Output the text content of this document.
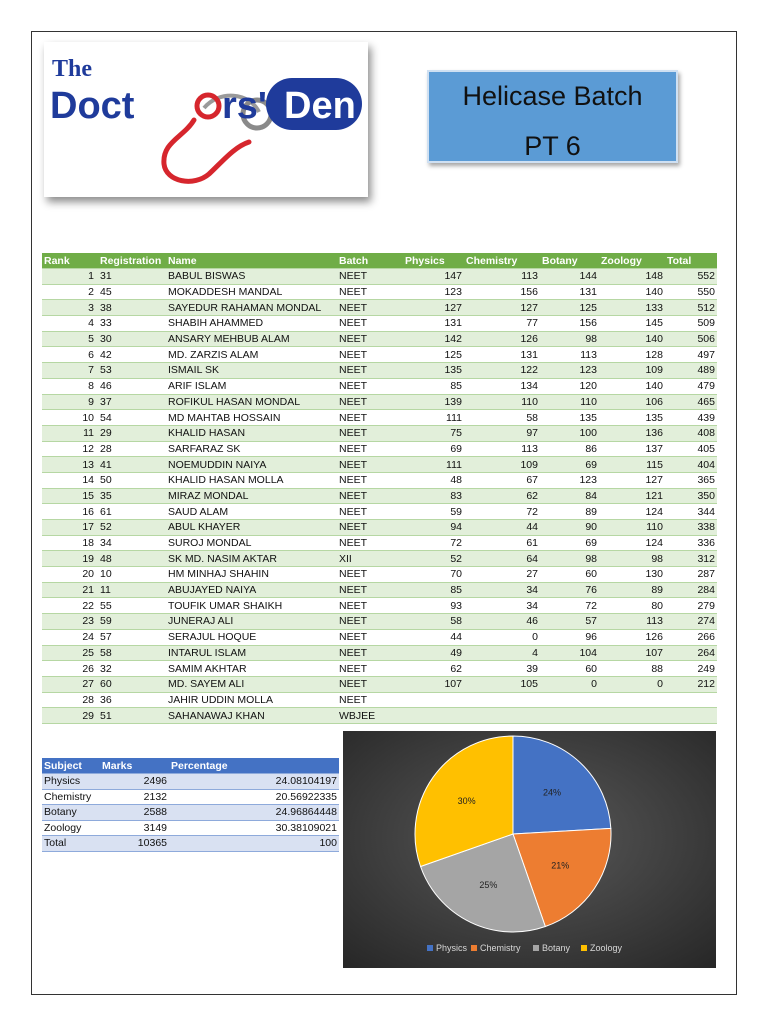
The
Doct rs' Den	Helicase Batch
PT 6
Rank	Registration	Name	Batch	Physics	Chemistry	Botany	Zoology	Total
1	31	BABUL BISWAS	NEET	147	113	144	148	552
2	45	MOKADDESH MANDAL	NEET	123	156	131	140	550
3	38	SAYEDUR RAHAMAN MONDAL	NEET	127	127	125	133	512
4	33	SHABIH AHAMMED	NEET	131	77	156	145	509
5	30	ANSARY MEHBUB ALAM	NEET	142	126	98	140	506
6	42	MD. ZARZIS ALAM	NEET	125	131	113	128	497
7	53	ISMAIL SK	NEET	135	122	123	109	489
8	46	ARIF ISLAM	NEET	85	134	120	140	479
9	37	ROFIKUL HASAN MONDAL	NEET	139	110	110	106	465
10	54	MD MAHTAB HOSSAIN	NEET	111	58	135	135	439
11	29	KHALID HASAN	NEET	75	97	100	136	408
12	28	SARFARAZ SK	NEET	69	113	86	137	405
13	41	NOEMUDDIN NAIYA	NEET	111	109	69	115	404
14	50	KHALID HASAN MOLLA	NEET	48	67	123	127	365
15	35	MIRAZ MONDAL	NEET	83	62	84	121	350
16	61	SAUD ALAM	NEET	59	72	89	124	344
17	52	ABUL KHAYER	NEET	94	44	90	110	338
18	34	SUROJ MONDAL	NEET	72	61	69	124	336
19	48	SK MD. NASIM AKTAR	XII	52	64	98	98	312
20	10	HM MINHAJ SHAHIN	NEET	70	27	60	130	287
21	11	ABUJAYED NAIYA	NEET	85	34	76	89	284
22	55	TOUFIK UMAR SHAIKH	NEET	93	34	72	80	279
23	59	JUNERAJ ALI	NEET	58	46	57	113	274
24	57	SERAJUL HOQUE	NEET	44	0	96	126	266
25	58	INTARUL ISLAM	NEET	49	4	104	107	264
26	32	SAMIM AKHTAR	NEET	62	39	60	88	249
27	60	MD. SAYEM ALI	NEET	107	105	0	0	212
28	36	JAHIR UDDIN MOLLA	NEET					
29	51	SAHANAWAJ KHAN	WBJEE					
Subject	Marks	Percentage
Physics	2496	24.08104197
Chemistry	2132	20.56922335
Botany	2588	24.96864448
Zoology	3149	30.38109021
Total	10365	100
24%
21%
25%
30%
Physics Chemistry Botany Zoology
